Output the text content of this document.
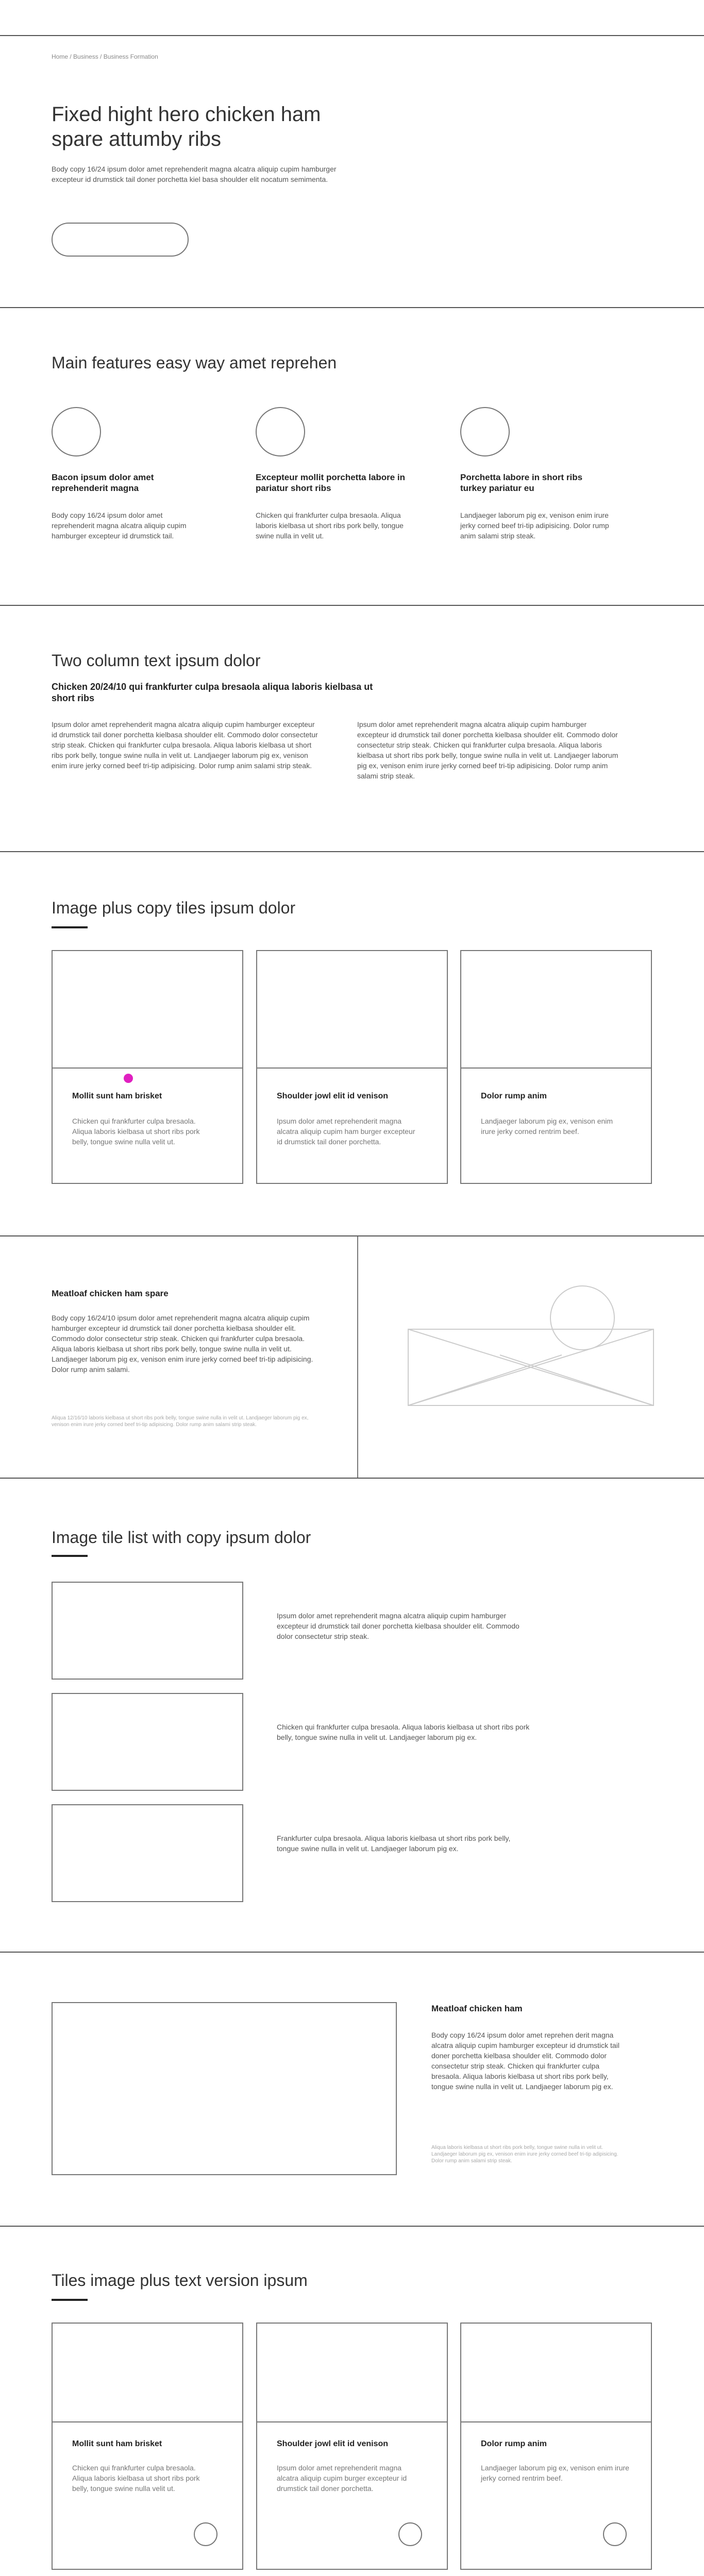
Home / Business / Business Formation
Fixed hight hero chicken ham spare attumby ribs
Body copy 16/24 ipsum dolor amet reprehenderit magna alcatra aliquip cupim hamburger excepteur id drumstick tail doner porchetta kiel basa shoulder elit nocatum semimenta.
Main features easy way amet reprehen
Bacon ipsum dolor amet reprehenderit magna
Excepteur mollit porchetta labore in pariatur short ribs
Porchetta labore in short ribs turkey pariatur eu
Body copy 16/24 ipsum dolor amet reprehenderit magna alcatra aliquip cupim hamburger excepteur id drumstick tail.
Chicken qui frankfurter culpa bresaola. Aliqua laboris kielbasa ut short ribs pork belly, tongue swine nulla in velit ut.
Landjaeger laborum pig ex, venison enim irure jerky corned beef tri-tip adipisicing. Dolor rump anim salami strip steak.
Two column text ipsum dolor
Chicken 20/24/10 qui frankfurter culpa bresaola aliqua laboris kielbasa ut short ribs
Ipsum dolor amet reprehenderit magna alcatra aliquip cupim hamburger excepteur id drumstick tail doner porchetta kielbasa shoulder elit. Commodo dolor consectetur strip steak. Chicken qui frankfurter culpa bresaola. Aliqua laboris kielbasa ut short ribs pork belly, tongue swine nulla in velit ut. Landjaeger laborum pig ex, venison enim irure jerky corned beef tri-tip adipisicing. Dolor rump anim salami strip steak.
Ipsum dolor amet reprehenderit magna alcatra aliquip cupim hamburger excepteur id drumstick tail doner porchetta kielbasa shoulder elit. Commodo dolor consectetur strip steak. Chicken qui frankfurter culpa bresaola. Aliqua laboris kielbasa ut short ribs pork belly, tongue swine nulla in velit ut. Landjaeger laborum pig ex, venison enim irure jerky corned beef tri-tip adipisicing. Dolor rump anim salami strip steak.
Image plus copy tiles ipsum dolor
Mollit sunt ham brisket	Shoulder jowl elit id venison	Dolor rump anim
Chicken qui frankfurter culpa bresaola. Aliqua laboris kielbasa ut short ribs pork belly, tongue swine nulla velit ut.
Ipsum dolor amet reprehenderit magna alcatra aliquip cupim ham burger excepteur id drumstick tail doner porchetta.
Landjaeger laborum pig ex, venison enim irure jerky corned rentrim beef.
Meatloaf chicken ham spare
Body copy 16/24/10 ipsum dolor amet reprehenderit magna alcatra aliquip cupim hamburger excepteur id drumstick tail doner porchetta kielbasa shoulder elit. Commodo dolor consectetur strip steak. Chicken qui frankfurter culpa bresaola. Aliqua laboris kielbasa ut short ribs pork belly, tongue swine nulla in velit ut. Landjaeger laborum pig ex, venison enim irure jerky corned beef tri-tip adipisicing. Dolor rump anim salami.
Aliqua 12/16/10 laboris kielbasa ut short ribs pork belly, tongue swine nulla in velit ut. Landjaeger laborum pig ex, venison enim irure jerky corned beef tri-tip adipisicing. Dolor rump anim salami strip steak.
Image tile list with copy ipsum dolor
Ipsum dolor amet reprehenderit magna alcatra aliquip cupim hamburger excepteur id drumstick tail doner porchetta kielbasa shoulder elit. Commodo dolor consectetur strip steak.
Chicken qui frankfurter culpa bresaola. Aliqua laboris kielbasa ut short ribs pork belly, tongue swine nulla in velit ut. Landjaeger laborum pig ex.
Frankfurter culpa bresaola. Aliqua laboris kielbasa ut short ribs pork belly, tongue swine nulla in velit ut. Landjaeger laborum pig ex.
Meatloaf chicken ham
Body copy 16/24 ipsum dolor amet reprehen derit magna alcatra aliquip cupim hamburger excepteur id drumstick tail doner porchetta kielbasa shoulder elit. Commodo dolor consectetur strip steak. Chicken qui frankfurter culpa bresaola. Aliqua laboris kielbasa ut short ribs pork belly, tongue swine nulla in velit ut. Landjaeger laborum pig ex.
Aliqua laboris kielbasa ut short ribs pork belly, tongue swine nulla in velit ut. Landjaeger laborum pig ex, venison enim irure jerky corned beef tri-tip adipisicing. Dolor rump anim salami strip steak.
Tiles image plus text version ipsum
Mollit sunt ham brisket	Shoulder jowl elit id venison	Dolor rump anim
Chicken qui frankfurter culpa bresaola. Aliqua laboris kielbasa ut short ribs pork belly, tongue swine nulla velit ut.
Ipsum dolor amet reprehenderit magna alcatra aliquip cupim burger excepteur id drumstick tail doner porchetta.
Landjaeger laborum pig ex, venison enim irure jerky corned rentrim beef.
